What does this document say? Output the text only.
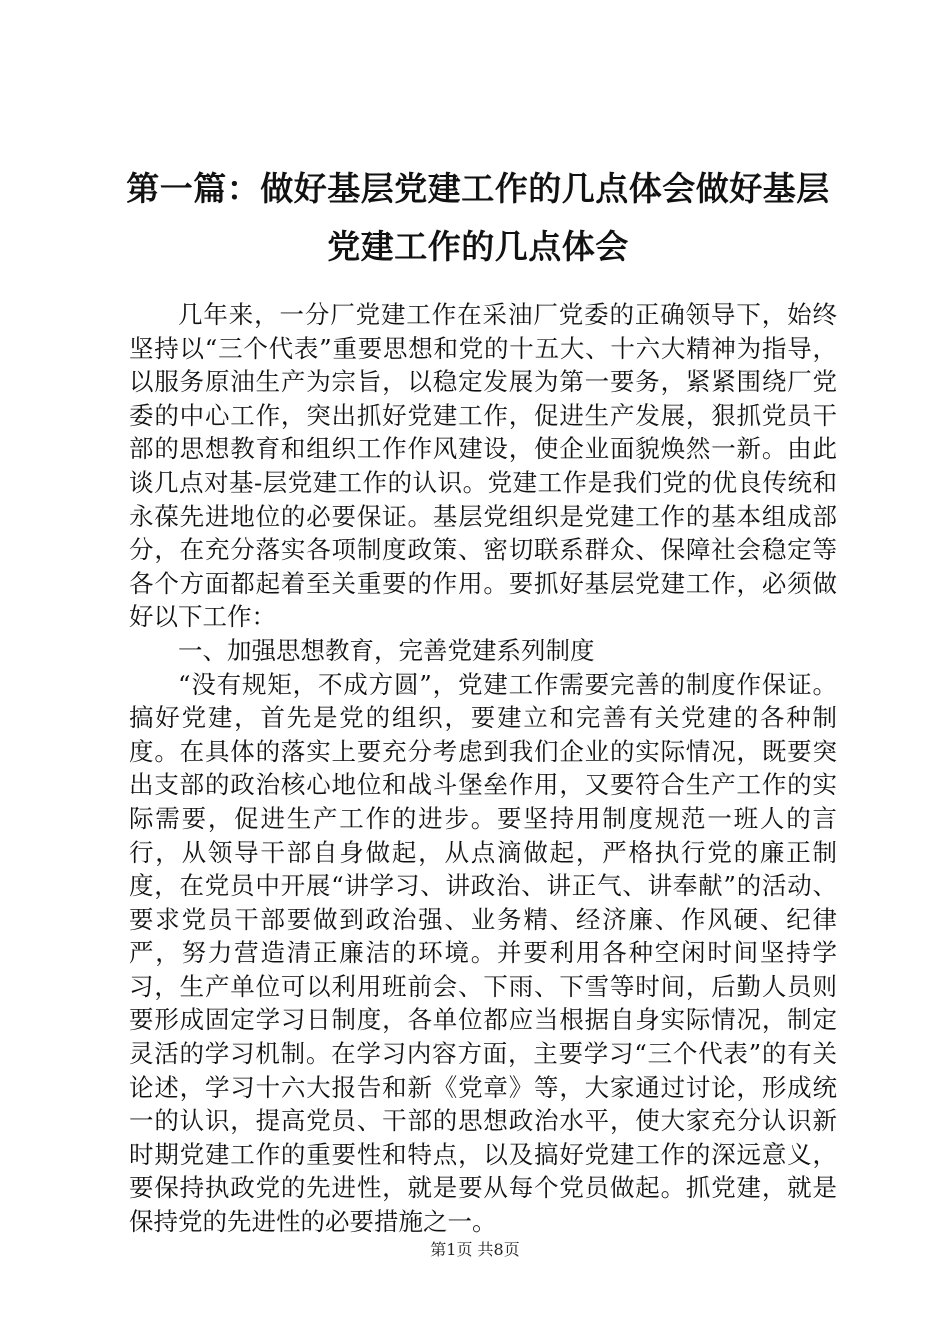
第一篇：做好基层党建工作的几点体会做好基层党建工作的几点体会

几年来，一分厂党建工作在采油厂党委的正确领导下，始终坚持以“三个代表”重要思想和党的十五大、十六大精神为指导，以服务原油生产为宗旨，以稳定发展为第一要务，紧紧围绕厂党委的中心工作，突出抓好党建工作，促进生产发展，狠抓党员干部的思想教育和组织工作作风建设，使企业面貌焕然一新。由此谈几点对基-层党建工作的认识。党建工作是我们党的优良传统和永葆先进地位的必要保证。基层党组织是党建工作的基本组成部分，在充分落实各项制度政策、密切联系群众、保障社会稳定等各个方面都起着至关重要的作用。要抓好基层党建工作，必须做好以下工作：

一、加强思想教育，完善党建系列制度

“没有规矩，不成方圆”，党建工作需要完善的制度作保证。搞好党建，首先是党的组织，要建立和完善有关党建的各种制度。在具体的落实上要充分考虑到我们企业的实际情况，既要突出支部的政治核心地位和战斗堡垒作用，又要符合生产工作的实际需要，促进生产工作的进步。要坚持用制度规范一班人的言行，从领导干部自身做起，从点滴做起，严格执行党的廉正制度，在党员中开展“讲学习、讲政治、讲正气、讲奉献”的活动、要求党员干部要做到政治强、业务精、经济廉、作风硬、纪律严，努力营造清正廉洁的环境。并要利用各种空闲时间坚持学习，生产单位可以利用班前会、下雨、下雪等时间，后勤人员则要形成固定学习日制度，各单位都应当根据自身实际情况，制定灵活的学习机制。在学习内容方面，主要学习“三个代表”的有关论述，学习十六大报告和新《党章》等，大家通过讨论，形成统一的认识，提高党员、干部的思想政治水平，使大家充分认识新时期党建工作的重要性和特点，以及搞好党建工作的深远意义，要保持执政党的先进性，就是要从每个党员做起。抓党建，就是保持党的先进性的必要措施之一。

第1页 共8页
